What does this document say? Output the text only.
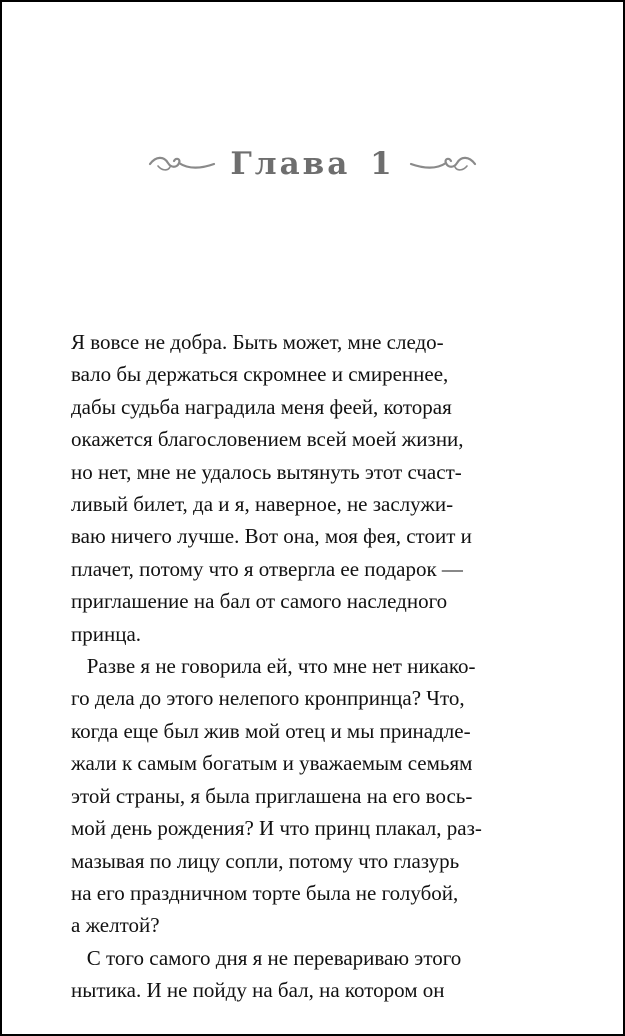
Глава 1

Я вовсе не добра. Быть может, мне следо-
вало бы держаться скромнее и смиреннее,
дабы судьба наградила меня феей, которая
окажется благословением всей моей жизни,
но нет, мне не удалось вытянуть этот счаст-
ливый билет, да и я, наверное, не заслужи-
ваю ничего лучше. Вот она, моя фея, стоит и
плачет, потому что я отвергла ее подарок —
приглашение на бал от самого наследного
принца.

Разве я не говорила ей, что мне нет никако-
го дела до этого нелепого кронпринца? Что,
когда еще был жив мой отец и мы принадле-
жали к самым богатым и уважаемым семьям
этой страны, я была приглашена на его вось-
мой день рождения? И что принц плакал, раз-
мазывая по лицу сопли, потому что глазурь
на его праздничном торте была не голубой,
а желтой?

С того самого дня я не перевариваю этого
нытика. И не пойду на бал, на котором он
